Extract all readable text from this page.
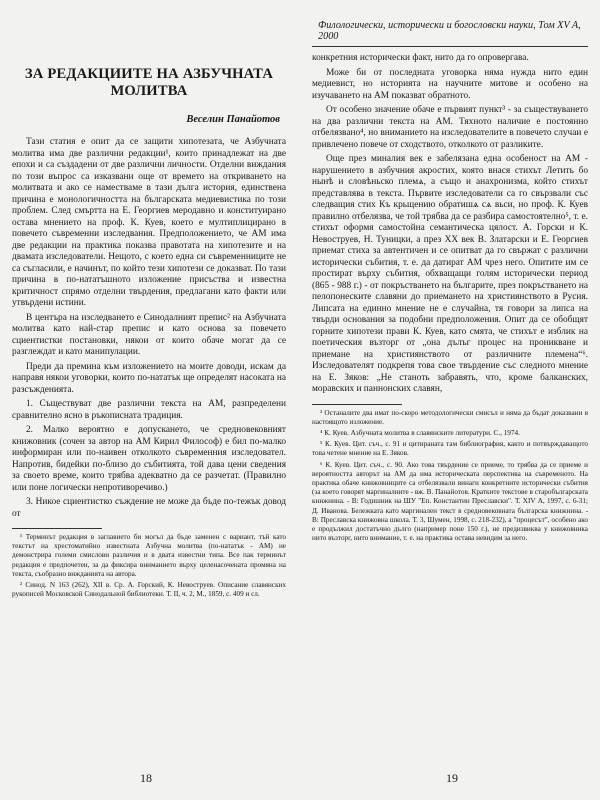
ЗА РЕДАКЦИИТЕ НА АЗБУЧНАТА МОЛИТВА
Веселин Панайотов

Тази статия е опит да се защити хипотезата, че Азбучната молитва има две различни редакции¹, които принадлежат на две епохи и са създадени от две различни личности. Отделни виждания по този въпрос са изказвани още от времето на откриването на молитвата и ако се наместваме в тази дълга история, единствена причина е монологичността на българската медиевистика по този проблем. След смъртта на Е. Георгиев меродавно и конституирано остава мнението на проф. К. Куев, което е мултиплицирано в повечето съвременни изследвания. Предположението, че АМ има две редакции на практика показва правотата на хипотезите и на двамата изследователи. Нещото, с което една си съвременниците не са съгласили, е начинът, по който тези хипотези се доказват. По тази причина в по-нататъшното изложение присъства и известна критичност спрямо отделни твърдения, предлагани като факти или утвърдени истини.

В центъра на изследването е Синодалният препис² на Азбучната молитва като най-стар препис и като основа за повечето сциентистки постановки, някои от които обаче могат да се разглеждат и като манипулации.

Преди да премина към изложението на моите доводи, искам да направя някои уговорки, които по-нататък ще определят насоката на разсъжденията.

1. Съществуват две различни текста на АМ, разпределени сравнително ясно в ръкописната традиция.

2. Малко вероятно е допускането, че средновековният книжовник (сочен за автор на АМ Кирил Философ) е бил по-малко информиран или по-наивен отколкото съвременния изследовател. Напротив, бидейки по-близо до събитията, той дава цени сведения за своето време, които трябва адекватно да се разчетат. (Правилно или поне логически непротиворечиво.)

3. Никое сциентистко съждение не може да бъде по-тежък довод от

¹ Терминът редакция в заглавието би могъл да бъде заменен с вариант, тъй като текстът на хрестоматийно известната Азбучна молитва (по-нататък - АМ) не демонстрира големи смислови различия и в двата известни типа. Все пак терминът редакция е предпочетен, за да фиксира вниманието върху целенасочената промяна на текста, съобразно вижданията на автора.

² Синод. N 163 (262), XII в. Ср. А. Горский, К. Невоструев. Описание славянских рукописей Московской Синодальной библиотеки. Т. II, ч. 2, М., 1859, с. 409 и сл.

18
Филологически, исторически и богословски науки, Том XV A, 2000

конкретния исторически факт, нито да го опровергава.

Може би от последната уговорка няма нужда нито един медиевист, но историята на научните митове и особено на изучаването на АМ показват обратното.

От особено значение обаче е първият пункт³ - за съществуването на два различни текста на АМ. Тяхното наличие е постоянно отбелязвано⁴, но вниманието на изследователите в повечето случаи е привлечено повече от сходството, отколкото от разликите.

Още през миналия век е забелязана една особеност на АМ - нарушението в азбучния акростих, която внася стихът Летить бо нынѣ и словѣньско племѧ, а също и анахронизма, който стихът представлява в текста. Първите изследователи са го свързвали със следващия стих Къ крьщению обратишѧ сѧ вьси, но проф. К. Куев правилно отбелязва, че той трябва да се разбира самостоятелно⁵, т. е. стихът оформя самостойна семантическа цялост. А. Горски и К. Невоструев, Н. Туницки, а през XX век В. Златарски и Е. Георгиев приемат стиха за автентичен и се опитват да го свържат с различни исторически събития, т. е. да датират АМ чрез него. Опитите им се простират върху събития, обхващащи голям исторически период (865 - 988 г.) - от покръстването на българите, през покръстването на пелопонеските славяни до приемането на християнството в Русия. Липсата на единно мнение не е случайна, тя говори за липса на твърди основания за подобни предположения. Опит да се обобщят горните хипотези прави К. Куев, като смята, че стихът е изблик на поетическия възторг от „она дълъг процес на проникване и приемане на християнството от различните племена“⁶. Изследователят подкрепя това свое твърдение със следното мнение на Е. Зяков: „Не станоть забравять, что, кроме балканских, моравских и паннонских славян,

³ Останалите два имат по-скоро методологически смисъл и няма да бъдат доказвани в настоящото изложение.

⁴ К. Куев. Азбучната молитва в славянските литератури. С., 1974.

⁵ К. Куев. Цит. съч., с. 91 и цитираната там библиография, както и потвърждаващото това четене мнение на Е. Зяков.

⁶ К. Куев. Цит. съч., с. 90. Ако това твърдение се приеме, то трябва да се приеме и вероятността авторът на АМ да има историческата перспектива на съвременото. На практика обаче книжовниците са отбелязвали винаги конкретните исторически събития (за което говорят маргиналните - вж. В. Панайотов. Кратките текстове в старобългарската книжнина. - В: Годишник на ШУ "Еп. Константин Преславски". Т. XIV А, 1997, с. 6-31; Д. Иванова. Бележката като маргинален текст в средновековната българска книжнина. - В: Преславска книжовна школа. Т. 3, Шумен, 1998, с. 218-232), а "процесът", особено ако е продължил достатъчно дълго (например поне 150 г.), не предизвиква у книжовника нито възторг, нито внимание, т. е. на практика остава невидим за него.

19
